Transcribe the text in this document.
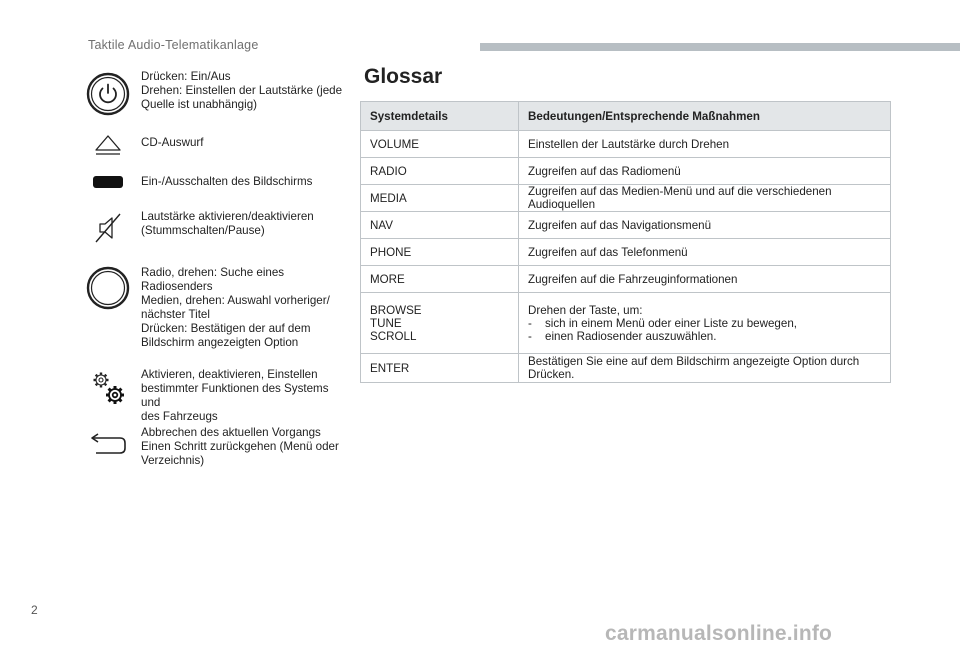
Taktile Audio-Telematikanlage
Drücken: Ein/Aus
Drehen: Einstellen der Lautstärke (jede
Quelle ist unabhängig)
CD-Auswurf
Ein-/Ausschalten des Bildschirms
Lautstärke aktivieren/deaktivieren
(Stummschalten/Pause)
Radio, drehen: Suche eines
Radiosenders
Medien, drehen: Auswahl vorheriger/
nächster Titel
Drücken: Bestätigen der auf dem
Bildschirm angezeigten Option
Aktivieren, deaktivieren, Einstellen
bestimmter Funktionen des Systems und
des Fahrzeugs
Abbrechen des aktuellen Vorgangs
Einen Schritt zurückgehen (Menü oder
Verzeichnis)
Glossar
Systemdetails	Bedeutungen/Entsprechende Maßnahmen
VOLUME	Einstellen der Lautstärke durch Drehen
RADIO	Zugreifen auf das Radiomenü
MEDIA	Zugreifen auf das Medien-Menü und auf die verschiedenen Audioquellen
NAV	Zugreifen auf das Navigationsmenü
PHONE	Zugreifen auf das Telefonmenü
MORE	Zugreifen auf die Fahrzeuginformationen

BROWSE
TUNE
SCROLL	Drehen der Taste, um:
- sich in einem Menü oder einer Liste zu bewegen,
- einen Radiosender auszuwählen.

ENTER	Bestätigen Sie eine auf dem Bildschirm angezeigte Option durch Drücken.
2
carmanualsonline.info
